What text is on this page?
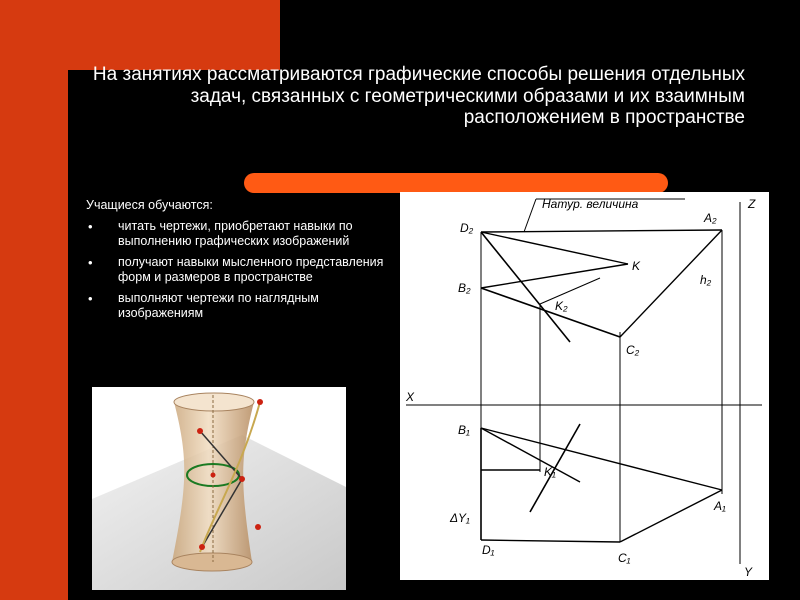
На занятиях рассматриваются графические способы решения отдельных задач, связанных с геометрическими образами и их взаимным расположением в пространстве
Учащиеся обучаются:
• читать чертежи, приобретают навыки по выполнению графических изображений
• получают навыки мысленного представления форм и размеров в пространстве
• выполняют чертежи по наглядным изображениям
Натур. величина	Z
X
Y
D₂
A₂
K
h₂
B₂
K₂
C₂
B₁
K₁
A₁
ΔY₁
D₁
C₁
